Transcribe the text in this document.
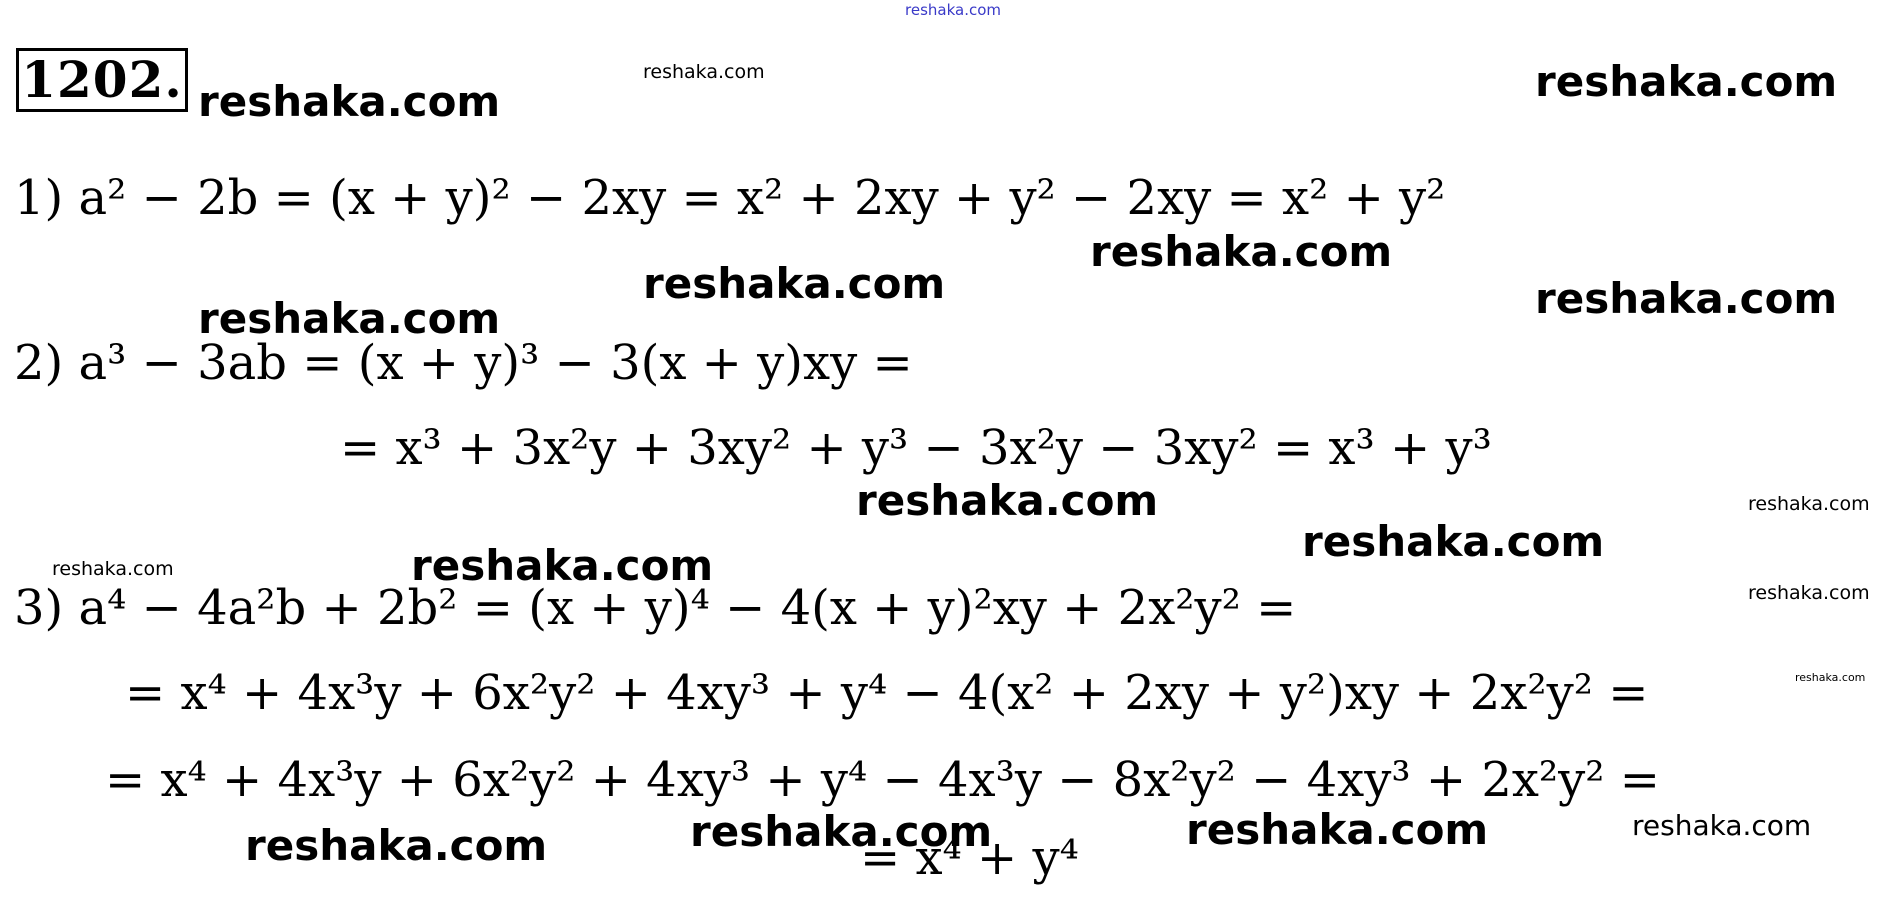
reshaka.com
1202.
1) a² − 2b = (x + y)² − 2xy = x² + 2xy + y² − 2xy = x² + y²
2) a³ − 3ab = (x + y)³ − 3(x + y)xy =
= x³ + 3x²y + 3xy² + y³ − 3x²y − 3xy² = x³ + y³
3) a⁴ − 4a²b + 2b² = (x + y)⁴ − 4(x + y)²xy + 2x²y² =
= x⁴ + 4x³y + 6x²y² + 4xy³ + y⁴ − 4(x² + 2xy + y²)xy + 2x²y² =
= x⁴ + 4x³y + 6x²y² + 4xy³ + y⁴ − 4x³y − 8x²y² − 4xy³ + 2x²y² =
= x⁴ + y⁴
reshaka.com
reshaka.com	reshaka.com
reshaka.com
reshaka.com	reshaka.com
reshaka.com
reshaka.com	reshaka.com
reshaka.com
reshaka.com	reshaka.com
reshaka.com
reshaka.com
reshaka.com	reshaka.com	reshaka.com	reshaka.com
